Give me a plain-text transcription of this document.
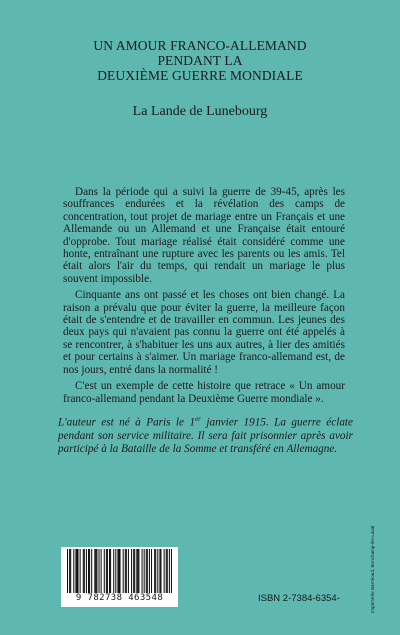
UN AMOUR FRANCO-ALLEMAND
PENDANT LA
DEUXIÈME GUERRE MONDIALE
La Lande de Lunebourg

Dans la période qui a suivi la guerre de 39-45, après les souffrances endurées et la révélation des camps de concentration, tout projet de mariage entre un Français et une Allemande ou un Allemand et une Française était entouré d'opprobe. Tout mariage réalisé était considéré comme une honte, entraînant une rupture avec les parents ou les amis. Tel était alors l'air du temps, qui rendait un mariage le plus souvent impossible.

Cinquante ans ont passé et les choses ont bien changé. La raison a prévalu que pour éviter la guerre, la meilleure façon était de s'entendre et de travailler en commun. Les jeunes des deux pays qui n'avaient pas connu la guerre ont été appelés à se rencontrer, à s'habituer les uns aux autres, à lier des amitiés et pour certains à s'aimer. Un mariage franco-allemand est, de nos jours, entré dans la normalité !

C'est un exemple de cette histoire que retrace « Un amour franco-allemand pendant la Deuxième Guerre mondiale ».

L'auteur est né à Paris le 1er janvier 1915. La guerre éclate pendant son service militaire. Il sera fait prisonnier après avoir participé à la Bataille de la Somme et transféré en Allemagne.
9 782738 463548	ISBN 2-7384-6354-	Imprimerie Barnéoud, Bonchamp-lès-Laval
